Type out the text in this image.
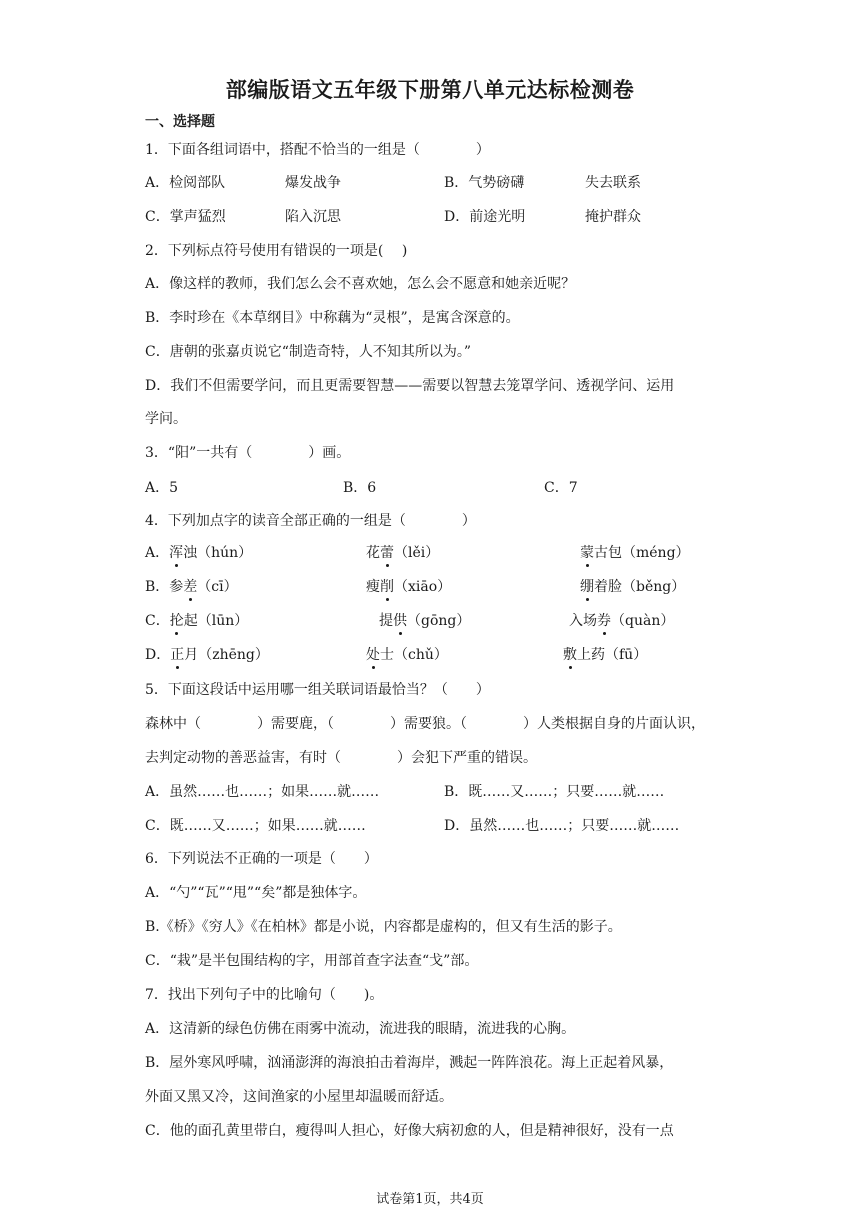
部编版语文五年级下册第八单元达标检测卷
一、选择题
1．下面各组词语中，搭配不恰当的一组是（　　　　）
A．检阅部队	爆发战争	B．气势磅礴	失去联系
C．掌声猛烈	陷入沉思	D．前途光明	掩护群众
2．下列标点符号使用有错误的一项是(　 )
A．像这样的教师，我们怎么会不喜欢她，怎么会不愿意和她亲近呢？
B．李时珍在《本草纲目》中称藕为“灵根”，是寓含深意的。
C．唐朝的张嘉贞说它“制造奇特，人不知其所以为。”
D．我们不但需要学问，而且更需要智慧——需要以智慧去笼罩学问、透视学问、运用
学问。
3．“阳”一共有（　　　　）画。
A．5	B．6	C．7
4．下列加点字的读音全部正确的一组是（　　　　）
A．浑浊（hún）	花蕾（lěi）	蒙古包（méng）
B．参差（cī）	瘦削（xiāo）	绷着脸（běng）
C．抡起（lūn）	提供（gōng）	入场券（quàn）
D．正月（zhēng）	处士（chǔ）	敷上药（fū）
5．下面这段话中运用哪一组关联词语最恰当？（　　）
森林中（　　　　）需要鹿，（　　　　）需要狼。（　　　　）人类根据自身的片面认识，
去判定动物的善恶益害，有时（　　　　）会犯下严重的错误。
A．虽然……也……；如果……就……	B．既……又……；只要……就……
C．既……又……；如果……就……	D．虽然……也……；只要……就……
6．下列说法不正确的一项是（　　）
A．“勺”“瓦”“甩”“矣”都是独体字。
B.《桥》《穷人》《在柏林》都是小说，内容都是虚构的，但又有生活的影子。
C．“栽”是半包围结构的字，用部首查字法查“戈”部。
7．找出下列句子中的比喻句（　　)。
A．这清新的绿色仿佛在雨雾中流动，流进我的眼睛，流进我的心胸。
B．屋外寒风呼啸，汹涌澎湃的海浪拍击着海岸，溅起一阵阵浪花。海上正起着风暴，
外面又黑又冷，这间渔家的小屋里却温暖而舒适。
C．他的面孔黄里带白，瘦得叫人担心，好像大病初愈的人，但是精神很好，没有一点
试卷第1页，共4页
